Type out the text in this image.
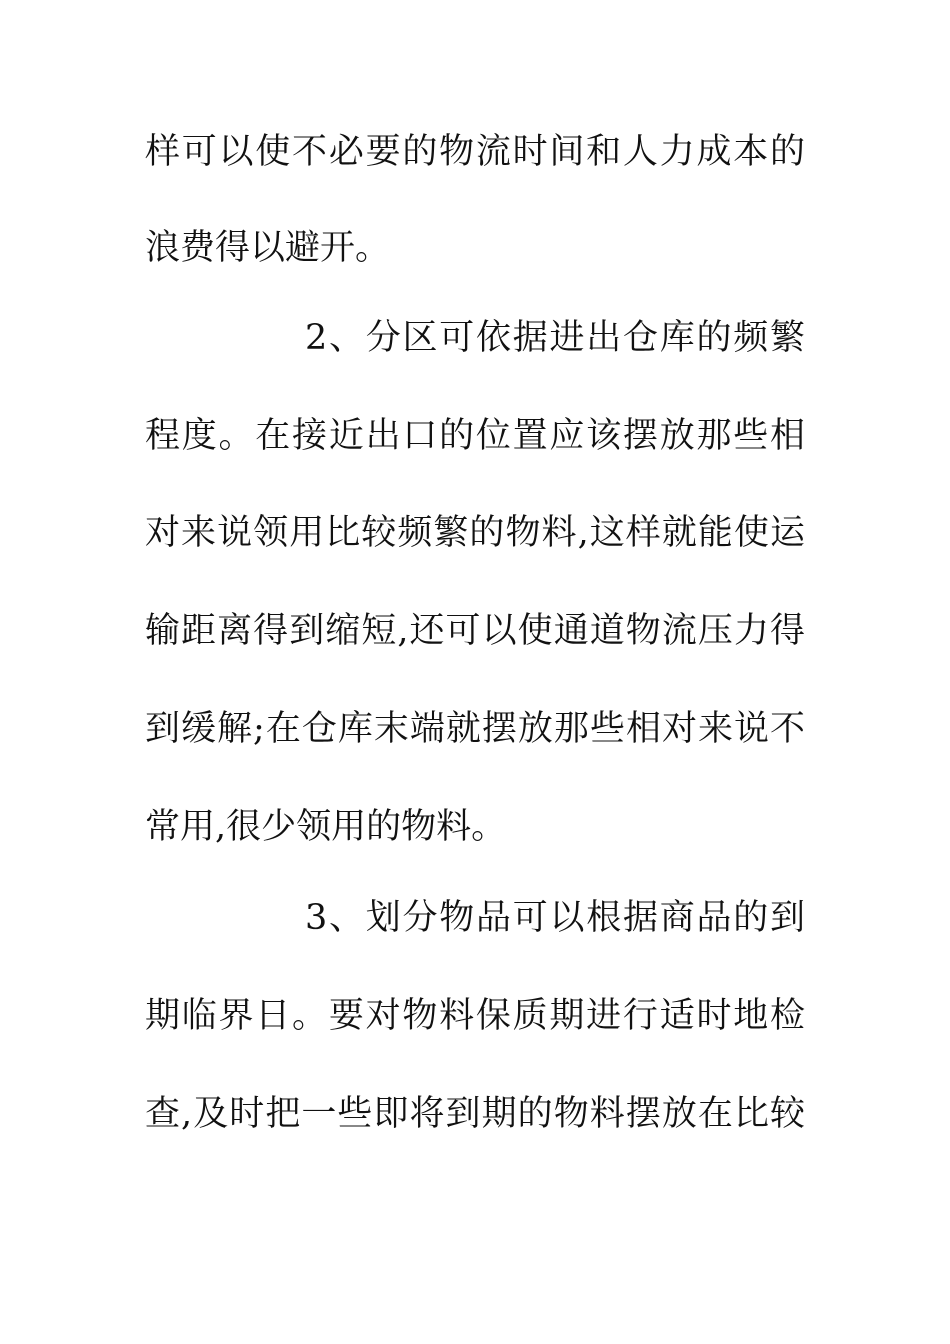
样可以使不必要的物流时间和人力成本的
浪费得以避开。
2、分区可依据进出仓库的频繁
程度。在接近出口的位置应该摆放那些相
对来说领用比较频繁的物料,这样就能使运
输距离得到缩短,还可以使通道物流压力得
到缓解;在仓库末端就摆放那些相对来说不
常用,很少领用的物料。
3、划分物品可以根据商品的到
期临界日。要对物料保质期进行适时地检
查,及时把一些即将到期的物料摆放在比较
